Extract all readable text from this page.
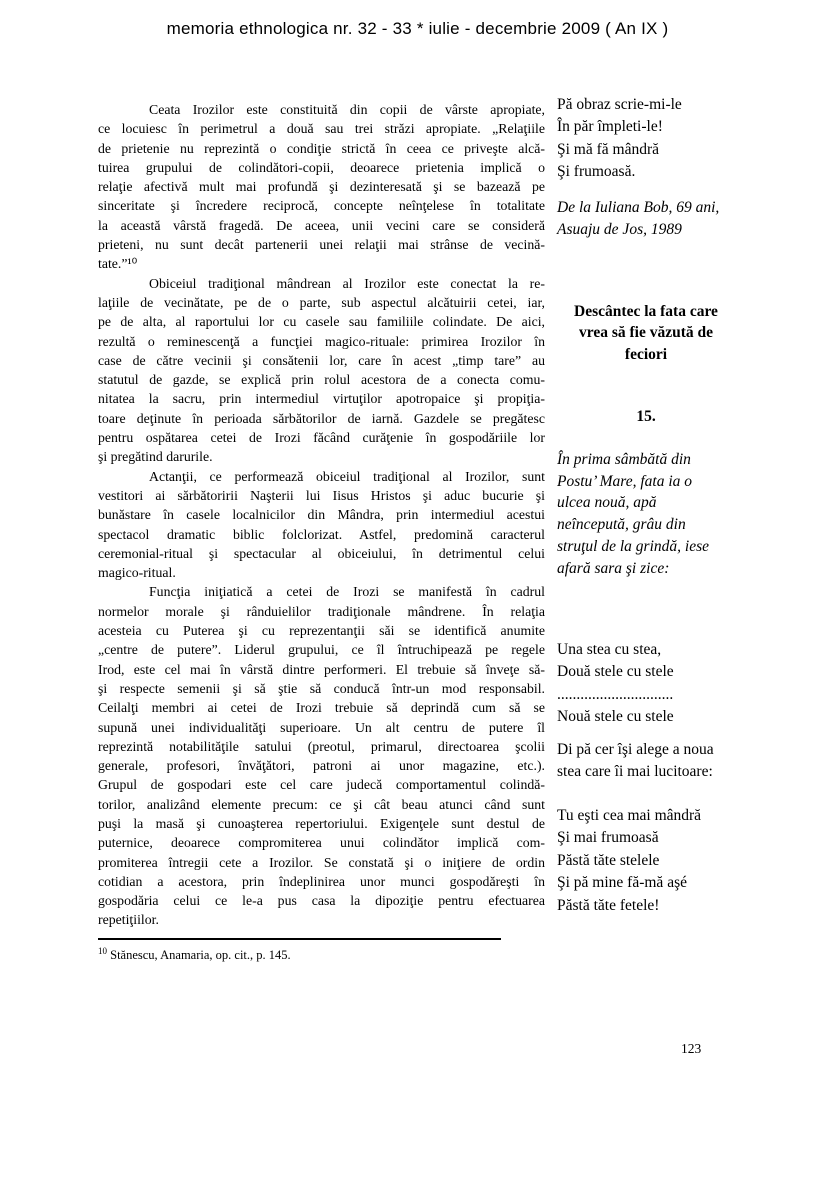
memoria ethnologica nr. 32 - 33 * iulie - decembrie 2009 ( An IX )
Ceata Irozilor este constituită din copii de vârste apropiate,
ce locuiesc în perimetrul a două sau trei străzi apropiate. „Relaţiile
de prietenie nu reprezintă o condiţie strictă în ceea ce priveşte alcă-
tuirea grupului de colindători-copii, deoarece prietenia implică o
relaţie afectivă mult mai profundă şi dezinteresată şi se bazează pe
sinceritate şi încredere reciprocă, concepte neînţelese în totalitate
la această vârstă fragedă. De aceea, unii vecini care se consideră
prieteni, nu sunt decât partenerii unei relaţii mai strânse de vecină-
tate.”¹⁰
Obiceiul tradiţional mândrean al Irozilor este conectat la re-
laţiile de vecinătate, pe de o parte, sub aspectul alcătuirii cetei, iar,
pe de alta, al raportului lor cu casele sau familiile colindate. De aici,
rezultă o reminescenţă a funcţiei magico-rituale: primirea Irozilor în
case de către vecinii şi consătenii lor, care în acest „timp tare” au
statutul de gazde, se explică prin rolul acestora de a conecta comu-
nitatea la sacru, prin intermediul virtuţilor apotropaice şi propiţia-
toare deţinute în perioada sărbătorilor de iarnă. Gazdele se pregătesc
pentru ospătarea cetei de Irozi făcând curăţenie în gospodăriile lor
şi pregătind darurile.
Actanţii, ce performează obiceiul tradiţional al Irozilor, sunt
vestitori ai sărbătoririi Naşterii lui Iisus Hristos şi aduc bucurie şi
bunăstare în casele localnicilor din Mândra, prin intermediul acestui
spectacol dramatic biblic folclorizat. Astfel, predomină caracterul
ceremonial-ritual şi spectacular al obiceiului, în detrimentul celui
magico-ritual.
Funcţia iniţiatică a cetei de Irozi se manifestă în cadrul
normelor morale şi rânduielilor tradiţionale mândrene. În relaţia
acesteia cu Puterea şi cu reprezentanţii săi se identifică anumite
„centre de putere”. Liderul grupului, ce îl întruchipează pe regele
Irod, este cel mai în vârstă dintre performeri. El trebuie să înveţe să-
şi respecte semenii şi să ştie să conducă într-un mod responsabil.
Ceilalţi membri ai cetei de Irozi trebuie să deprindă cum să se
supună unei individualităţi superioare. Un alt centru de putere îl
reprezintă notabilităţile satului (preotul, primarul, directoarea şcolii
generale, profesori, învăţători, patroni ai unor magazine, etc.).
Grupul de gospodari este cel care judecă comportamentul colindă-
torilor, analizând elemente precum: ce şi cât beau atunci când sunt
puşi la masă şi cunoaşterea repertoriului. Exigenţele sunt destul de
puternice, deoarece compromiterea unui colindător implică com-
promiterea întregii cete a Irozilor. Se constată şi o iniţiere de ordin
cotidian a acestora, prin îndeplinirea unor munci gospodăreşti în
gospodăria celui ce le-a pus casa la dipoziţie pentru efectuarea
repetiţiilor.
$^{10}$ Stănescu, Anamaria, op. cit., p. 145.
Pă obraz scrie-mi-le
În păr împleti-le!
Şi mă fă mândră
Şi frumoasă.
De la Iuliana Bob, 69 ani,
Asuaju de Jos, 1989
Descântec la fata care
vrea să fie văzută de
feciori
15.
În prima sâmbătă din
Postu’ Mare, fata ia o
ulcea nouă, apă
neîncepută, grâu din
struţul de la grindă, iese
afară sara şi zice:
Una stea cu stea,
Două stele cu stele
..............................
Nouă stele cu stele
Di pă cer îşi alege a noua
stea care îi mai lucitoare:
Tu eşti cea mai mândră
Şi mai frumoasă
Păstă tăte stelele
Şi pă mine fă-mă aşé
Păstă tăte fetele!
123
